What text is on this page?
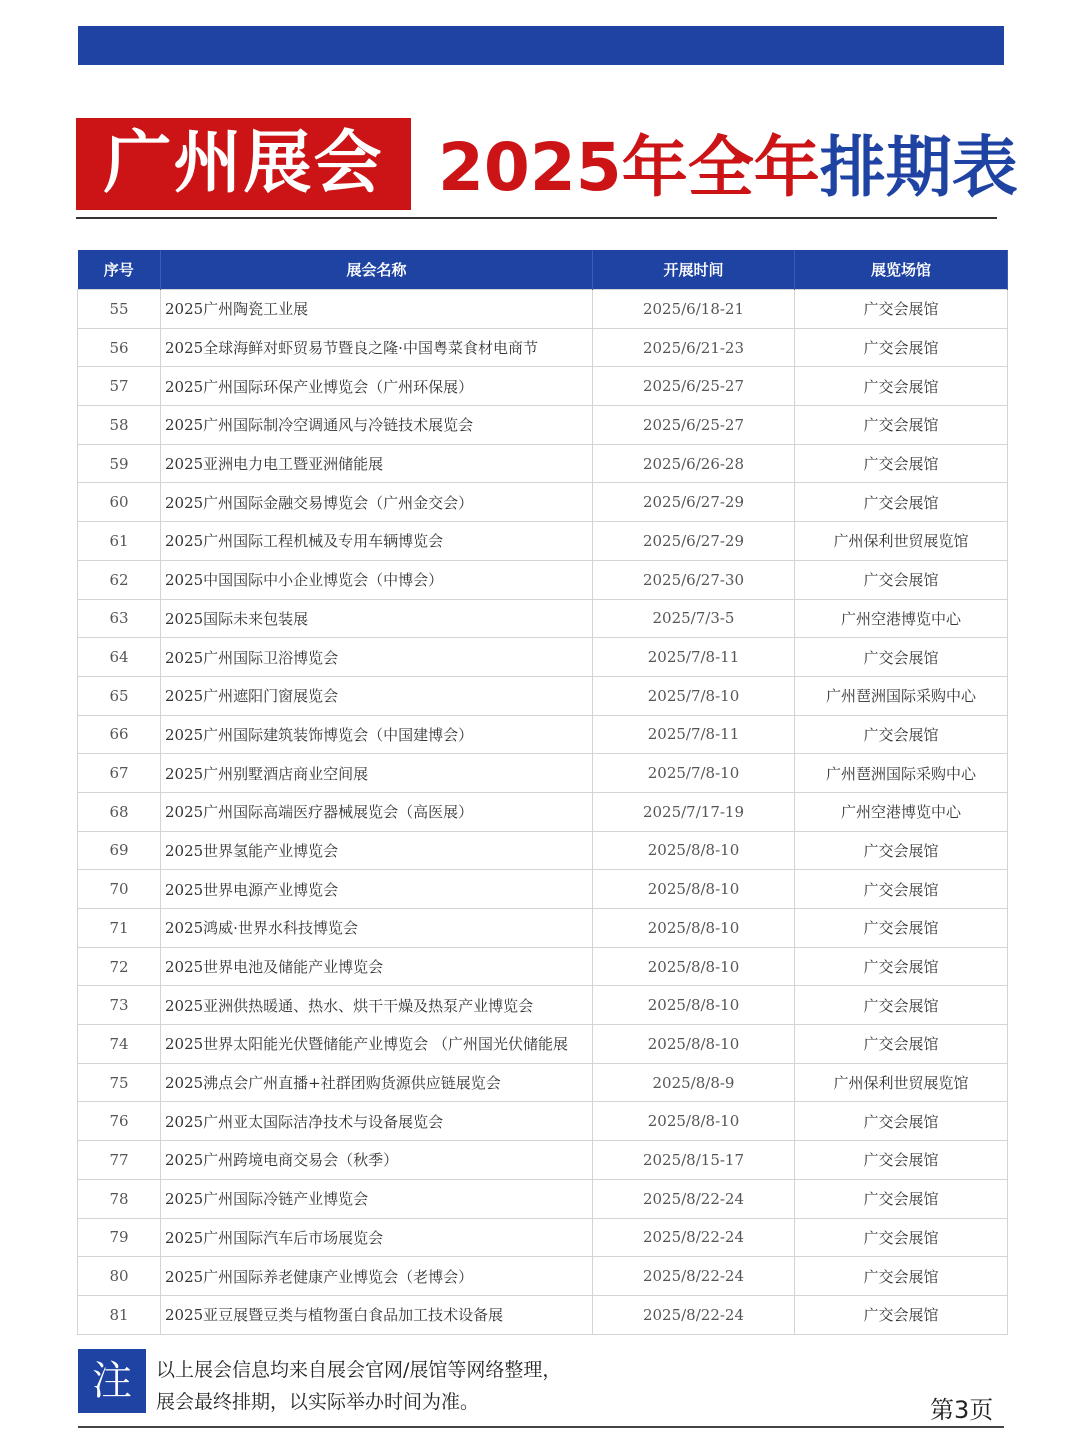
广州展会 2025年全年排期表
序号	展会名称	开展时间	展览场馆
55	2025广州陶瓷工业展	2025/6/18-21	广交会展馆
56	2025全球海鲜对虾贸易节暨良之隆·中国粤菜食材电商节	2025/6/21-23	广交会展馆
57	2025广州国际环保产业博览会（广州环保展）	2025/6/25-27	广交会展馆
58	2025广州国际制冷空调通风与冷链技术展览会	2025/6/25-27	广交会展馆
59	2025亚洲电力电工暨亚洲储能展	2025/6/26-28	广交会展馆
60	2025广州国际金融交易博览会（广州金交会）	2025/6/27-29	广交会展馆
61	2025广州国际工程机械及专用车辆博览会	2025/6/27-29	广州保利世贸展览馆
62	2025中国国际中小企业博览会（中博会）	2025/6/27-30	广交会展馆
63	2025国际未来包装展	2025/7/3-5	广州空港博览中心
64	2025广州国际卫浴博览会	2025/7/8-11	广交会展馆
65	2025广州遮阳门窗展览会	2025/7/8-10	广州琶洲国际采购中心
66	2025广州国际建筑装饰博览会（中国建博会）	2025/7/8-11	广交会展馆
67	2025广州别墅酒店商业空间展	2025/7/8-10	广州琶洲国际采购中心
68	2025广州国际高端医疗器械展览会（高医展）	2025/7/17-19	广州空港博览中心
69	2025世界氢能产业博览会	2025/8/8-10	广交会展馆
70	2025世界电源产业博览会	2025/8/8-10	广交会展馆
71	2025鸿威·世界水科技博览会	2025/8/8-10	广交会展馆
72	2025世界电池及储能产业博览会	2025/8/8-10	广交会展馆
73	2025亚洲供热暖通、热水、烘干干燥及热泵产业博览会	2025/8/8-10	广交会展馆
74	2025世界太阳能光伏暨储能产业博览会 （广州国光伏储能展	2025/8/8-10	广交会展馆
75	2025沸点会广州直播+社群团购货源供应链展览会	2025/8/8-9	广州保利世贸展览馆
76	2025广州亚太国际洁净技术与设备展览会	2025/8/8-10	广交会展馆
77	2025广州跨境电商交易会（秋季）	2025/8/15-17	广交会展馆
78	2025广州国际冷链产业博览会	2025/8/22-24	广交会展馆
79	2025广州国际汽车后市场展览会	2025/8/22-24	广交会展馆
80	2025广州国际养老健康产业博览会（老博会）	2025/8/22-24	广交会展馆
81	2025亚豆展暨豆类与植物蛋白食品加工技术设备展	2025/8/22-24	广交会展馆
注	以上展会信息均来自展会官网/展馆等网络整理，
展会最终排期，以实际举办时间为准。	第3页
